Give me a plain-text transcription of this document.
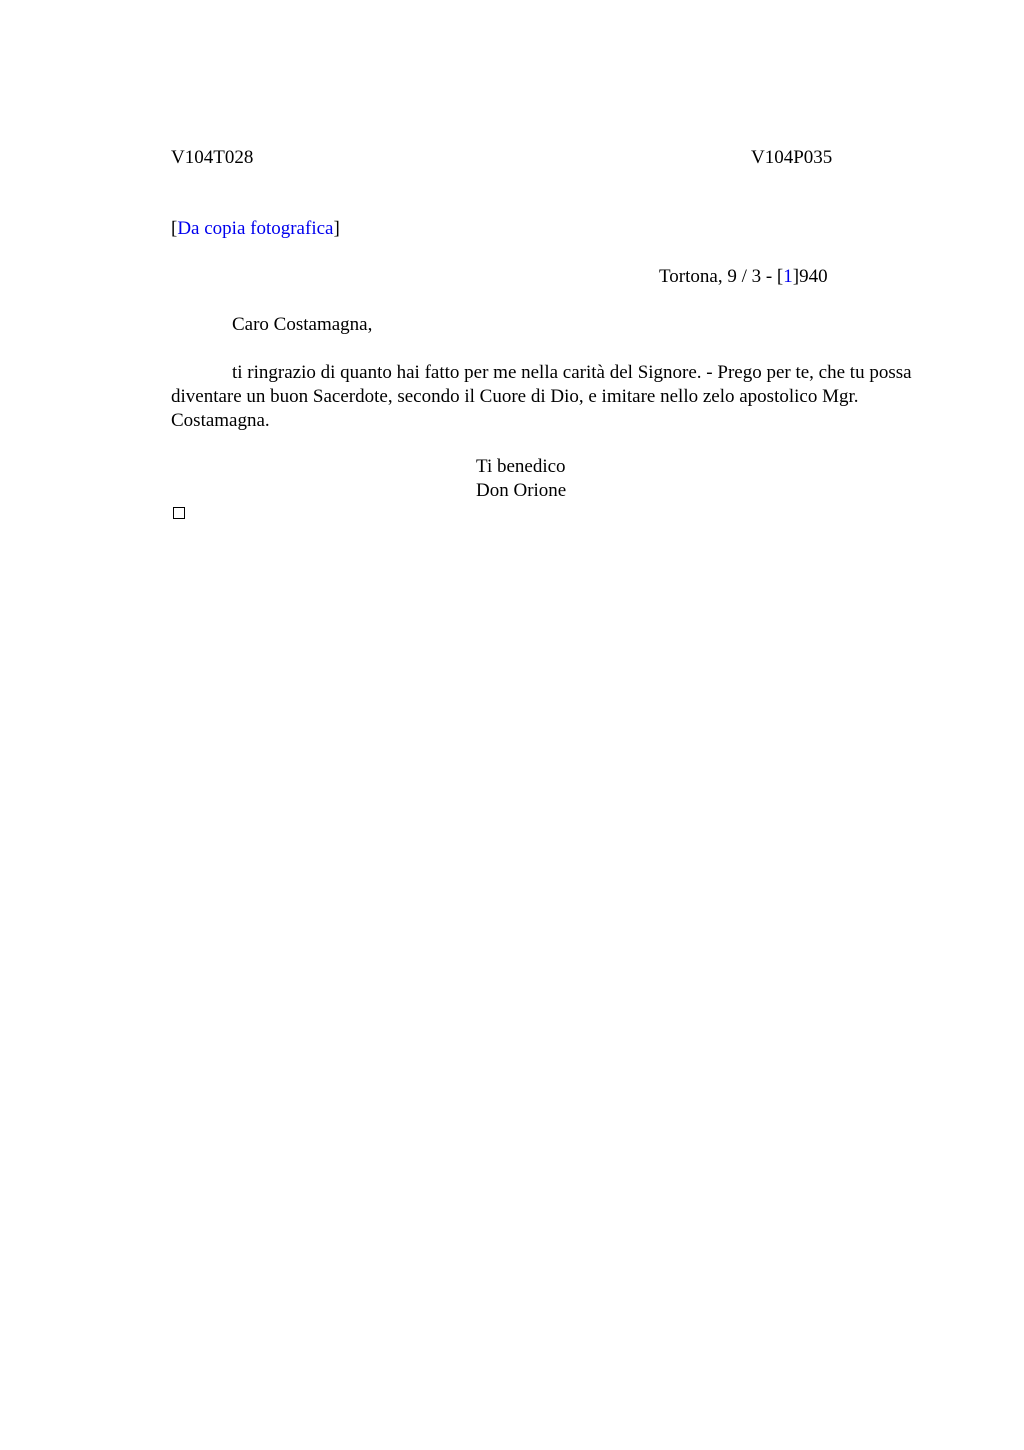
V104T028	V104P035
[Da copia fotografica]
Tortona, 9 / 3 - [1]940
Caro Costamagna,
ti ringrazio di quanto hai fatto per me nella carità del Signore. - Prego per te, che tu possa diventare un buon Sacerdote, secondo il Cuore di Dio, e imitare nello zelo apostolico Mgr. Costamagna.
Ti benedico
Don Orione
